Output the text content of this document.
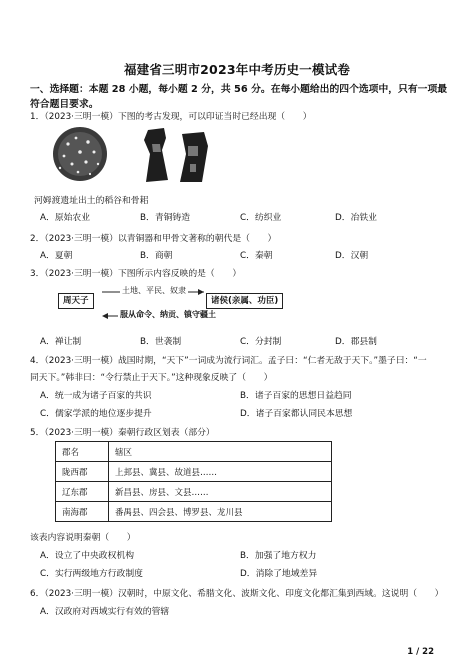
福建省三明市2023年中考历史一模试卷
一、选择题：本题 28 小题，每小题 2 分，共 56 分。在每小题给出的四个选项中，只有一项最符合题目要求。
1．（2023·三明一模）下图的考古发现，可以印证当时已经出现（　　）
河姆渡遗址出土的稻谷和骨耜
A．原始农业	B．青铜铸造	C．纺织业	D．冶铁业
2．（2023·三明一模）以青铜器和甲骨文著称的朝代是（　　）
A．夏朝	B．商朝	C．秦朝	D．汉朝
3．（2023·三明一模）下图所示内容反映的是（　　）
周天子	诸侯(亲属、功臣)
土地、平民、奴隶
服从命令、纳贡、镇守疆土
A．禅让制	B．世袭制	C．分封制	D．郡县制
4．（2023·三明一模）战国时期，“天下”一词成为流行词汇。孟子曰：“仁者无敌于天下。”墨子曰：“一
同天下。”韩非曰：“令行禁止于天下。”这种现象反映了（　　）
A．统一成为诸子百家的共识	B．诸子百家的思想日益趋同
C．儒家学派的地位逐步提升	D．诸子百家都认同民本思想
5．（2023·三明一模）秦朝行政区划表（部分）
郡名	辖区
陇西郡	上邽县、冀县、故道县……
辽东郡	新昌县、房县、文县……
南海郡	番禺县、四会县、博罗县、龙川县
该表内容说明秦朝（　　）
A．设立了中央政权机构	B．加强了地方权力
C．实行两级地方行政制度	D．消除了地域差异
6．（2023·三明一模）汉朝时，中原文化、希腊文化、波斯文化、印度文化都汇集到西域。这说明（　　）
A．汉政府对西域实行有效的管辖
1 / 22
